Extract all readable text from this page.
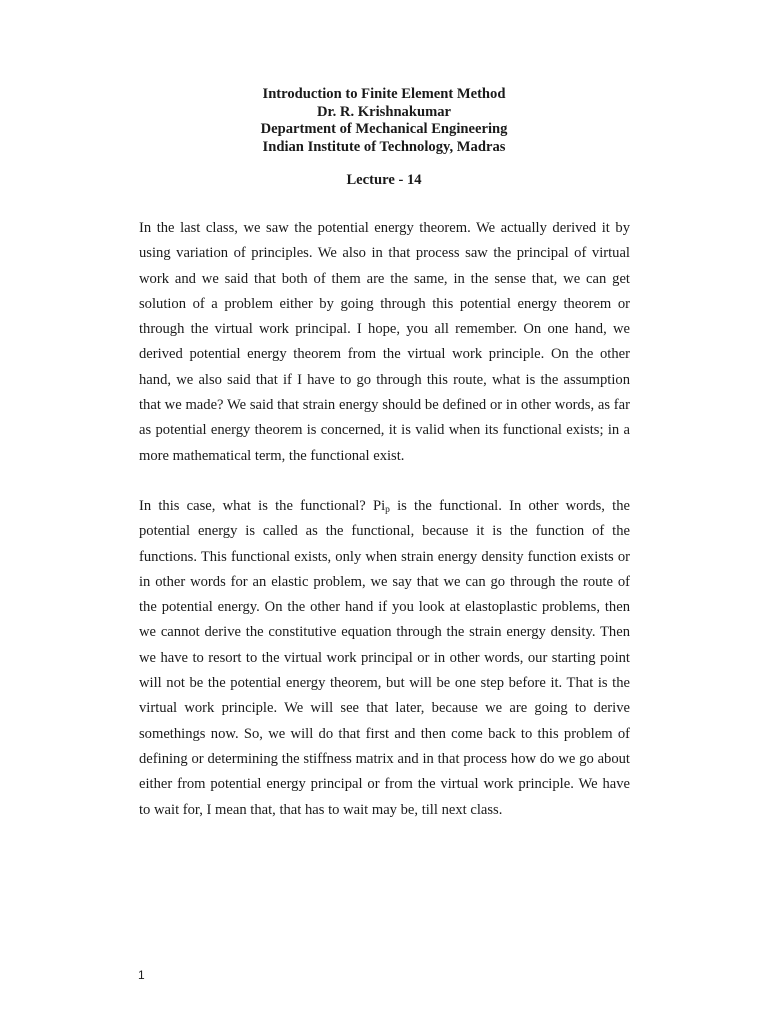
Introduction to Finite Element Method
Dr. R. Krishnakumar
Department of Mechanical Engineering
Indian Institute of Technology, Madras
Lecture - 14

In the last class, we saw the potential energy theorem. We actually derived it by using variation of principles. We also in that process saw the principal of virtual work and we said that both of them are the same, in the sense that, we can get solution of a problem either by going through this potential energy theorem or through the virtual work principal. I hope, you all remember. On one hand, we derived potential energy theorem from the virtual work principle. On the other hand, we also said that if I have to go through this route, what is the assumption that we made? We said that strain energy should be defined or in other words, as far as potential energy theorem is concerned, it is valid when its functional exists; in a more mathematical term, the functional exist.

In this case, what is the functional? $Pi_p$ is the functional. In other words, the potential energy is called as the functional, because it is the function of the functions. This functional exists, only when strain energy density function exists or in other words for an elastic problem, we say that we can go through the route of the potential energy. On the other hand if you look at elastoplastic problems, then we cannot derive the constitutive equation through the strain energy density. Then we have to resort to the virtual work principal or in other words, our starting point will not be the potential energy theorem, but will be one step before it. That is the virtual work principle. We will see that later, because we are going to derive somethings now. So, we will do that first and then come back to this problem of defining or determining the stiffness matrix and in that process how do we go about either from potential energy principal or from the virtual work principle. We have to wait for, I mean that, that has to wait may be, till next class.

1
